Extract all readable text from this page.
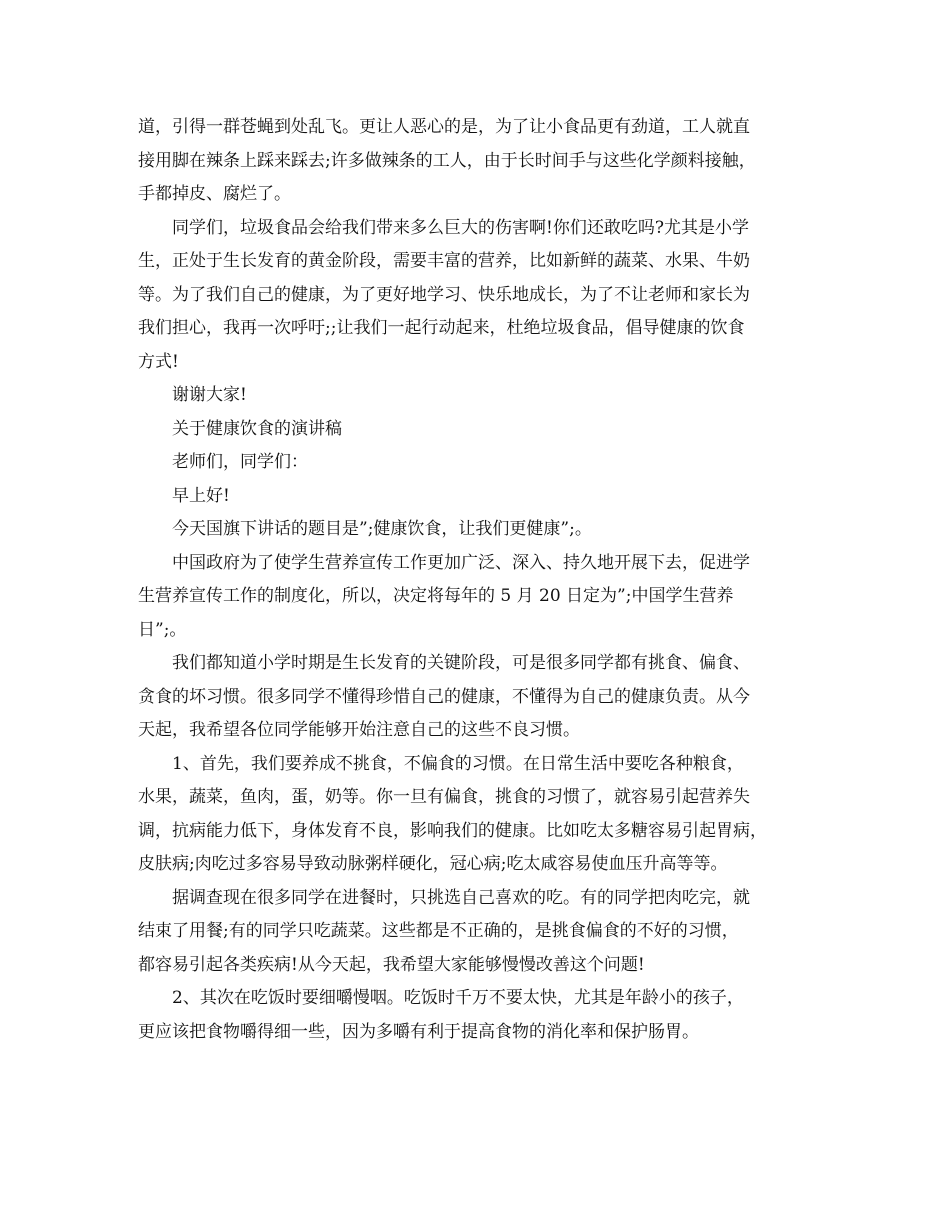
道，引得一群苍蝇到处乱飞。更让人恶心的是，为了让小食品更有劲道，工人就直
接用脚在辣条上踩来踩去;许多做辣条的工人，由于长时间手与这些化学颜料接触，
手都掉皮、腐烂了。
同学们，垃圾食品会给我们带来多么巨大的伤害啊!你们还敢吃吗?尤其是小学
生，正处于生长发育的黄金阶段，需要丰富的营养，比如新鲜的蔬菜、水果、牛奶
等。为了我们自己的健康，为了更好地学习、快乐地成长，为了不让老师和家长为
我们担心，我再一次呼吁;;让我们一起行动起来，杜绝垃圾食品，倡导健康的饮食
方式!
谢谢大家!
关于健康饮食的演讲稿
老师们，同学们：
早上好!
今天国旗下讲话的题目是”;健康饮食，让我们更健康”;。
中国政府为了使学生营养宣传工作更加广泛、深入、持久地开展下去，促进学
生营养宣传工作的制度化，所以，决定将每年的 5 月 20 日定为”;中国学生营养
日”;。
我们都知道小学时期是生长发育的关键阶段，可是很多同学都有挑食、偏食、
贪食的坏习惯。很多同学不懂得珍惜自己的健康，不懂得为自己的健康负责。从今
天起，我希望各位同学能够开始注意自己的这些不良习惯。
1、首先，我们要养成不挑食，不偏食的习惯。在日常生活中要吃各种粮食，
水果，蔬菜，鱼肉，蛋，奶等。你一旦有偏食，挑食的习惯了，就容易引起营养失
调，抗病能力低下，身体发育不良，影响我们的健康。比如吃太多糖容易引起胃病，
皮肤病;肉吃过多容易导致动脉粥样硬化，冠心病;吃太咸容易使血压升高等等。
据调查现在很多同学在进餐时，只挑选自己喜欢的吃。有的同学把肉吃完，就
结束了用餐;有的同学只吃蔬菜。这些都是不正确的，是挑食偏食的不好的习惯，
都容易引起各类疾病!从今天起，我希望大家能够慢慢改善这个问题!
2、其次在吃饭时要细嚼慢咽。吃饭时千万不要太快，尤其是年龄小的孩子，
更应该把食物嚼得细一些，因为多嚼有利于提高食物的消化率和保护肠胃。
